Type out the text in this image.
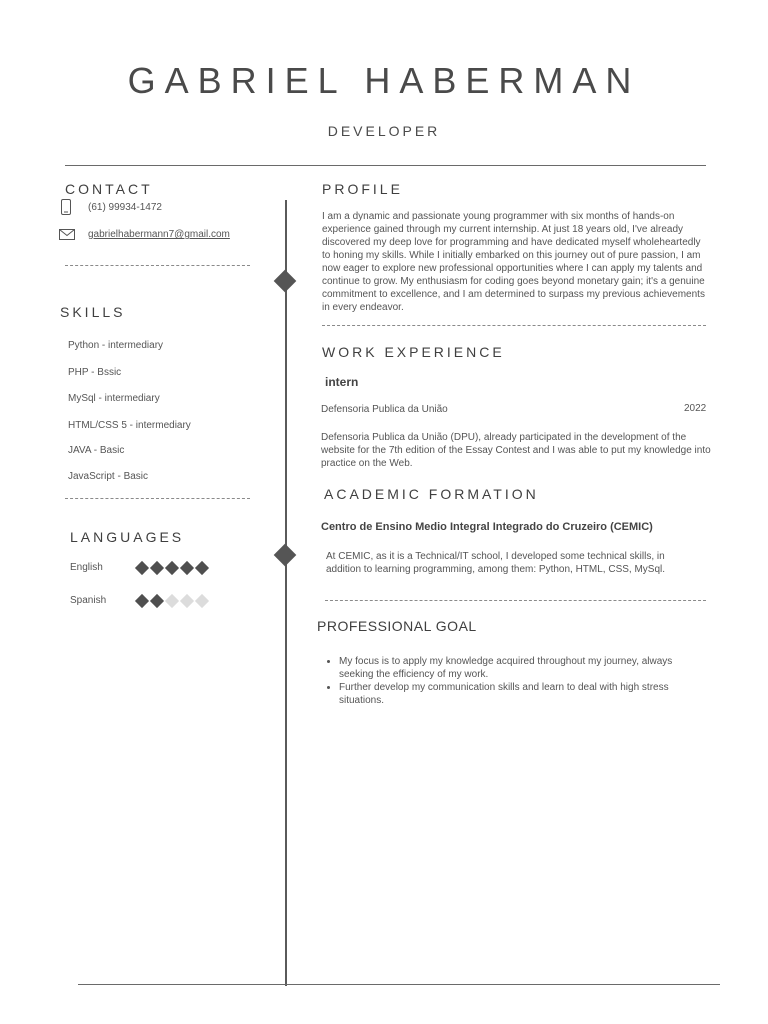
GABRIEL HABERMAN
DEVELOPER
CONTACT
(61) 99934-1472
gabrielhabermann7@gmail.com
SKILLS
Python - intermediary
PHP - Bssic
MySql - intermediary
HTML/CSS 5 - intermediary
JAVA - Basic
JavaScript - Basic
LANGUAGES
English
Spanish
PROFILE
I am a dynamic and passionate young programmer with six months of hands-on experience gained through my current internship. At just 18 years old, I've already discovered my deep love for programming and have dedicated myself wholeheartedly to honing my skills. While I initially embarked on this journey out of pure passion, I am now eager to explore new professional opportunities where I can apply my talents and continue to grow. My enthusiasm for coding goes beyond monetary gain; it's a genuine commitment to excellence, and I am determined to surpass my previous achievements in every endeavor.
WORK EXPERIENCE
intern
Defensoria Publica da União	2022
Defensoria Publica da União (DPU), already participated in the development of the website for the 7th edition of the Essay Contest and I was able to put my knowledge into practice on the Web.
ACADEMIC FORMATION
Centro de Ensino Medio Integral Integrado do Cruzeiro (CEMIC)
At CEMIC, as it is a Technical/IT school, I developed some technical skills, in addition to learning programming, among them: Python, HTML, CSS, MySql.
PROFESSIONAL GOAL
• My focus is to apply my knowledge acquired throughout my journey, always seeking the efficiency of my work.
• Further develop my communication skills and learn to deal with high stress situations.
